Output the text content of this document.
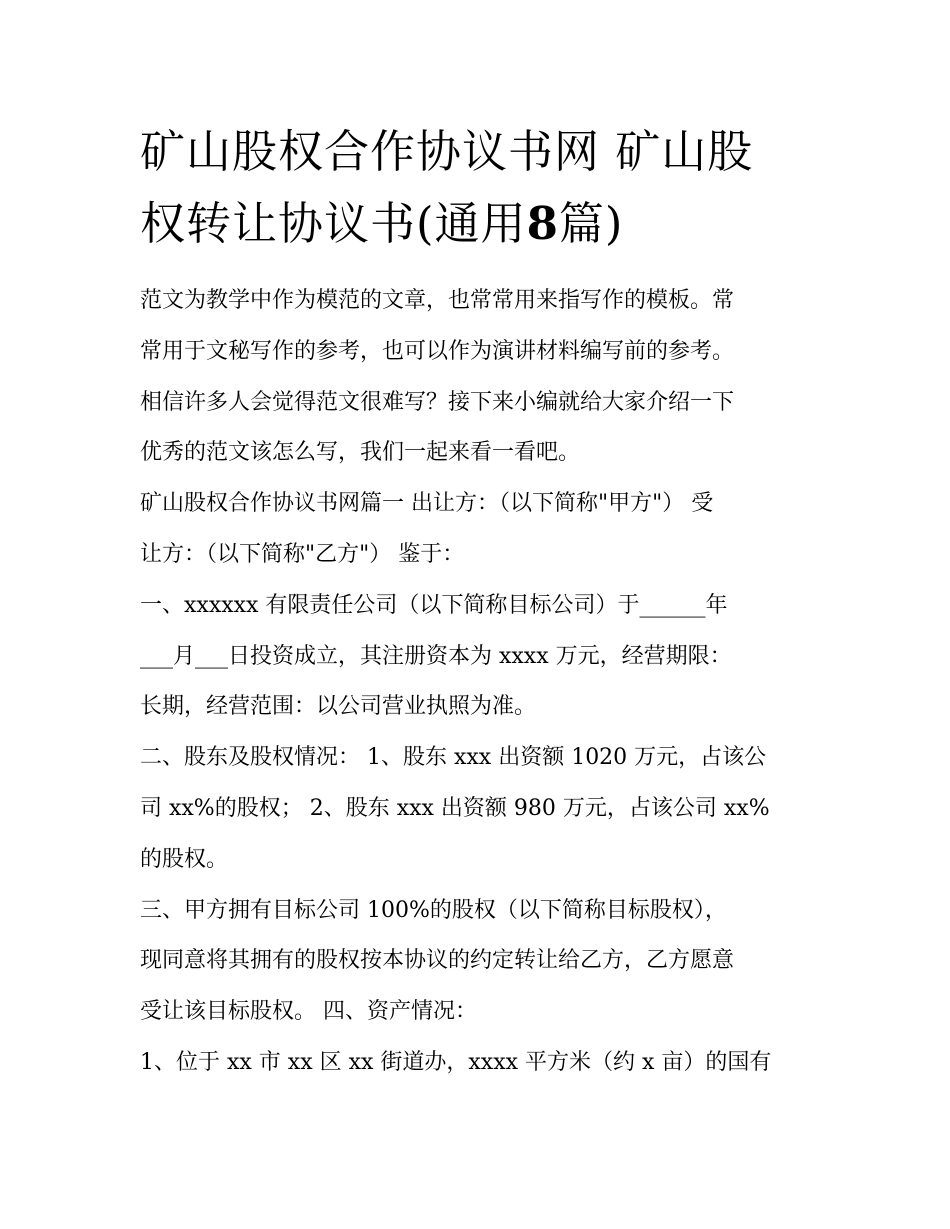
矿山股权合作协议书网 矿山股
权转让协议书(通用8篇)
范文为教学中作为模范的文章，也常常用来指写作的模板。常
常用于文秘写作的参考，也可以作为演讲材料编写前的参考。
相信许多人会觉得范文很难写？接下来小编就给大家介绍一下
优秀的范文该怎么写，我们一起来看一看吧。
矿山股权合作协议书网篇一 出让方：（以下简称"甲方"） 受
让方：（以下简称"乙方"） 鉴于：
一、xxxxxx 有限责任公司（以下简称目标公司）于______年
___月___日投资成立，其注册资本为 xxxx 万元，经营期限：
长期，经营范围：以公司营业执照为准。
二、股东及股权情况： 1、股东 xxx 出资额 1020 万元，占该公
司 xx%的股权； 2、股东 xxx 出资额 980 万元，占该公司 xx%
的股权。
三、甲方拥有目标公司 100%的股权（以下简称目标股权），
现同意将其拥有的股权按本协议的约定转让给乙方，乙方愿意
受让该目标股权。 四、资产情况：
1、位于 xx 市 xx 区 xx 街道办，xxxx 平方米（约 x 亩）的国有
